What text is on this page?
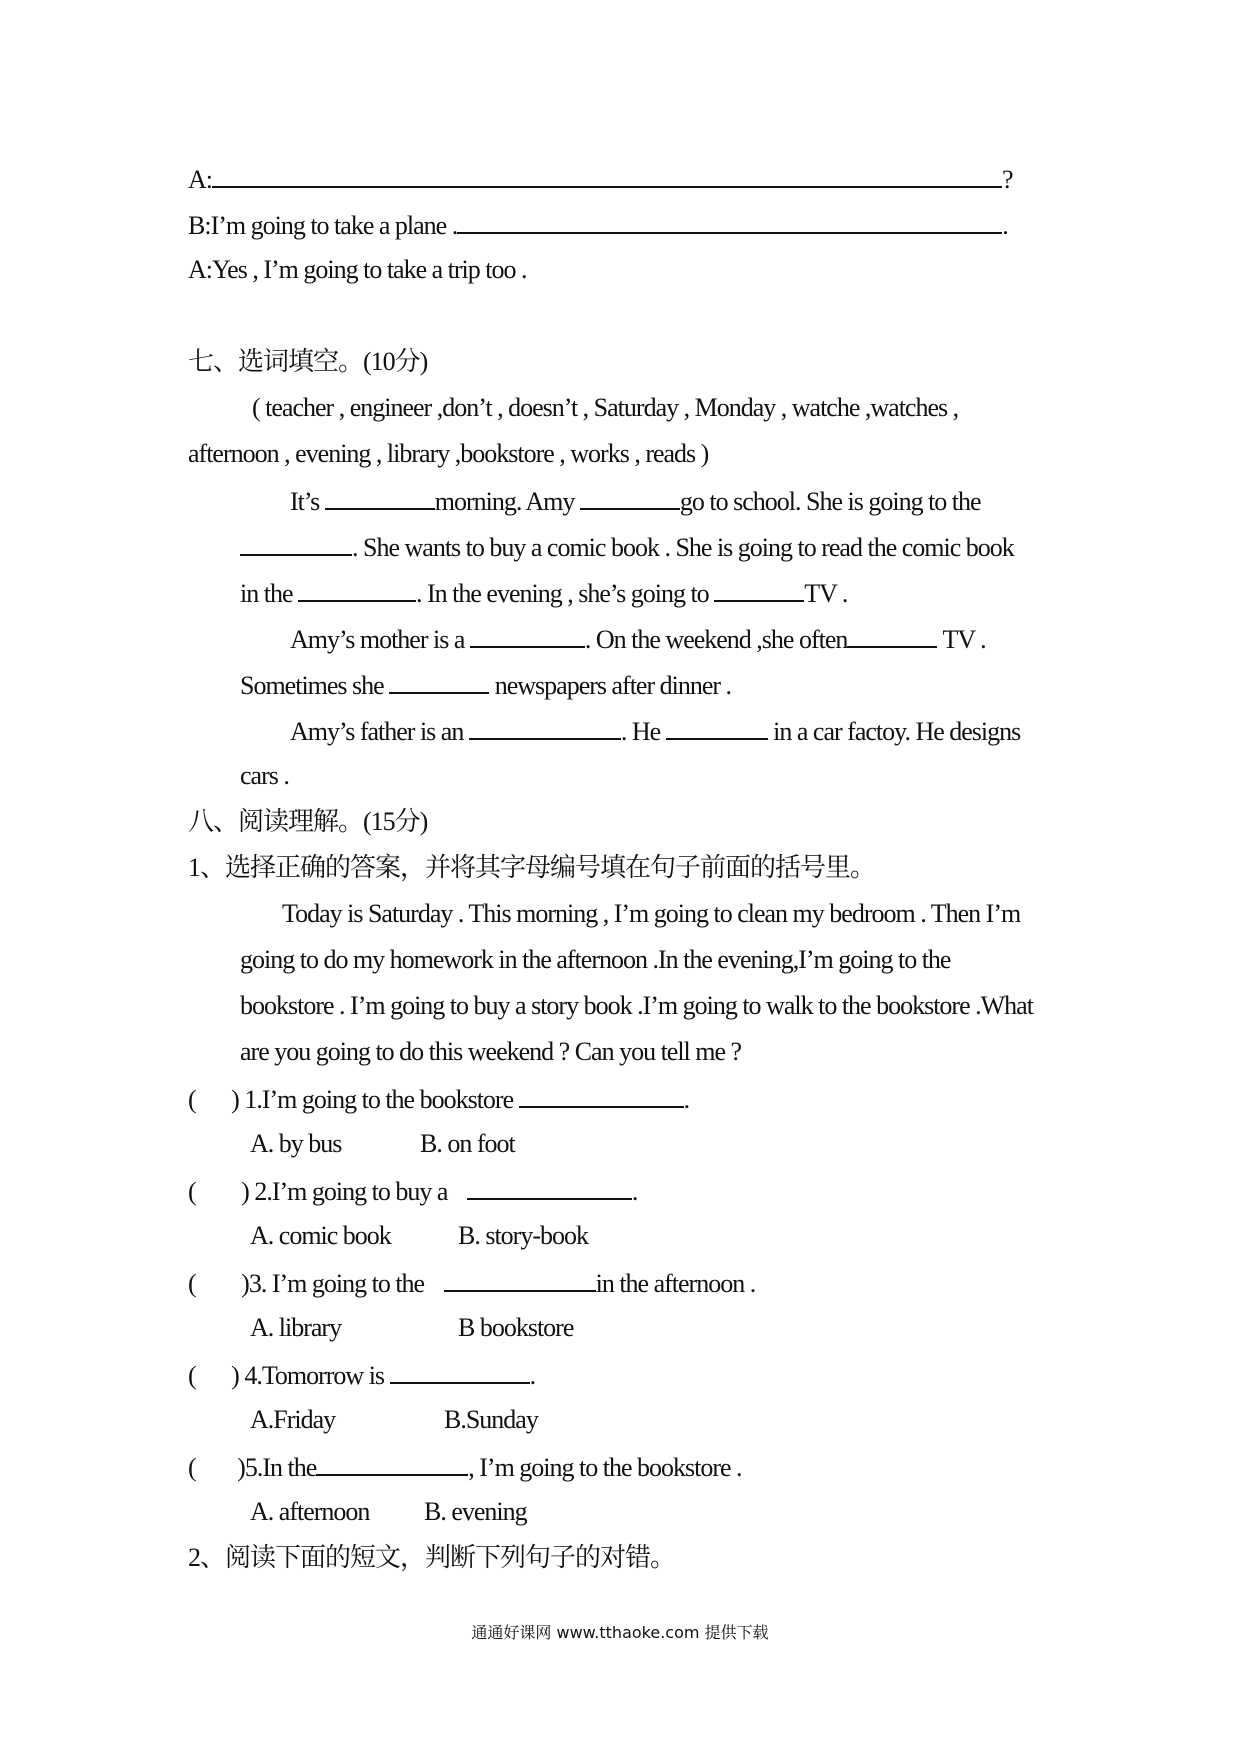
A:	?
B:I’m going to take a plane .	.
A:Yes , I’m going to take a trip too .
七、选词填空。(10分)
( teacher , engineer ,don’t , doesn’t , Saturday , Monday , watche ,watches ,
afternoon , evening , library ,bookstore , works , reads )
It’s	morning. Amy	go to school. She is going to the
. She wants to buy a comic book . She is going to read the comic book
in the	. In the evening , she’s going to	TV .
Amy’s mother is a	. On the weekend ,she often	TV .
Sometimes she	newspapers after dinner .
Amy’s father is an	. He	in a car factoy. He designs
cars .
八、阅读理解。(15分)
1、选择正确的答案，并将其字母编号填在句子前面的括号里。
Today is Saturday . This morning , I’m going to clean my bedroom . Then I’m
going to do my homework in the afternoon .In the evening,I’m going to the
bookstore . I’m going to buy a story book .I’m going to walk to the bookstore .What
are you going to do this weekend ? Can you tell me ?
( ) 1.I’m going to the bookstore	.
A. by bus	B. on foot
( ) 2.I’m going to buy a	.
A. comic book	B. story-book
( )3. I’m going to the	in the afternoon .
A. library	B bookstore
( ) 4.Tomorrow is	.
A.Friday	B.Sunday
( )5.In the	, I’m going to the bookstore .
A. afternoon B. evening
2、阅读下面的短文，判断下列句子的对错。
通通好课网 www.tthaoke.com 提供下载
